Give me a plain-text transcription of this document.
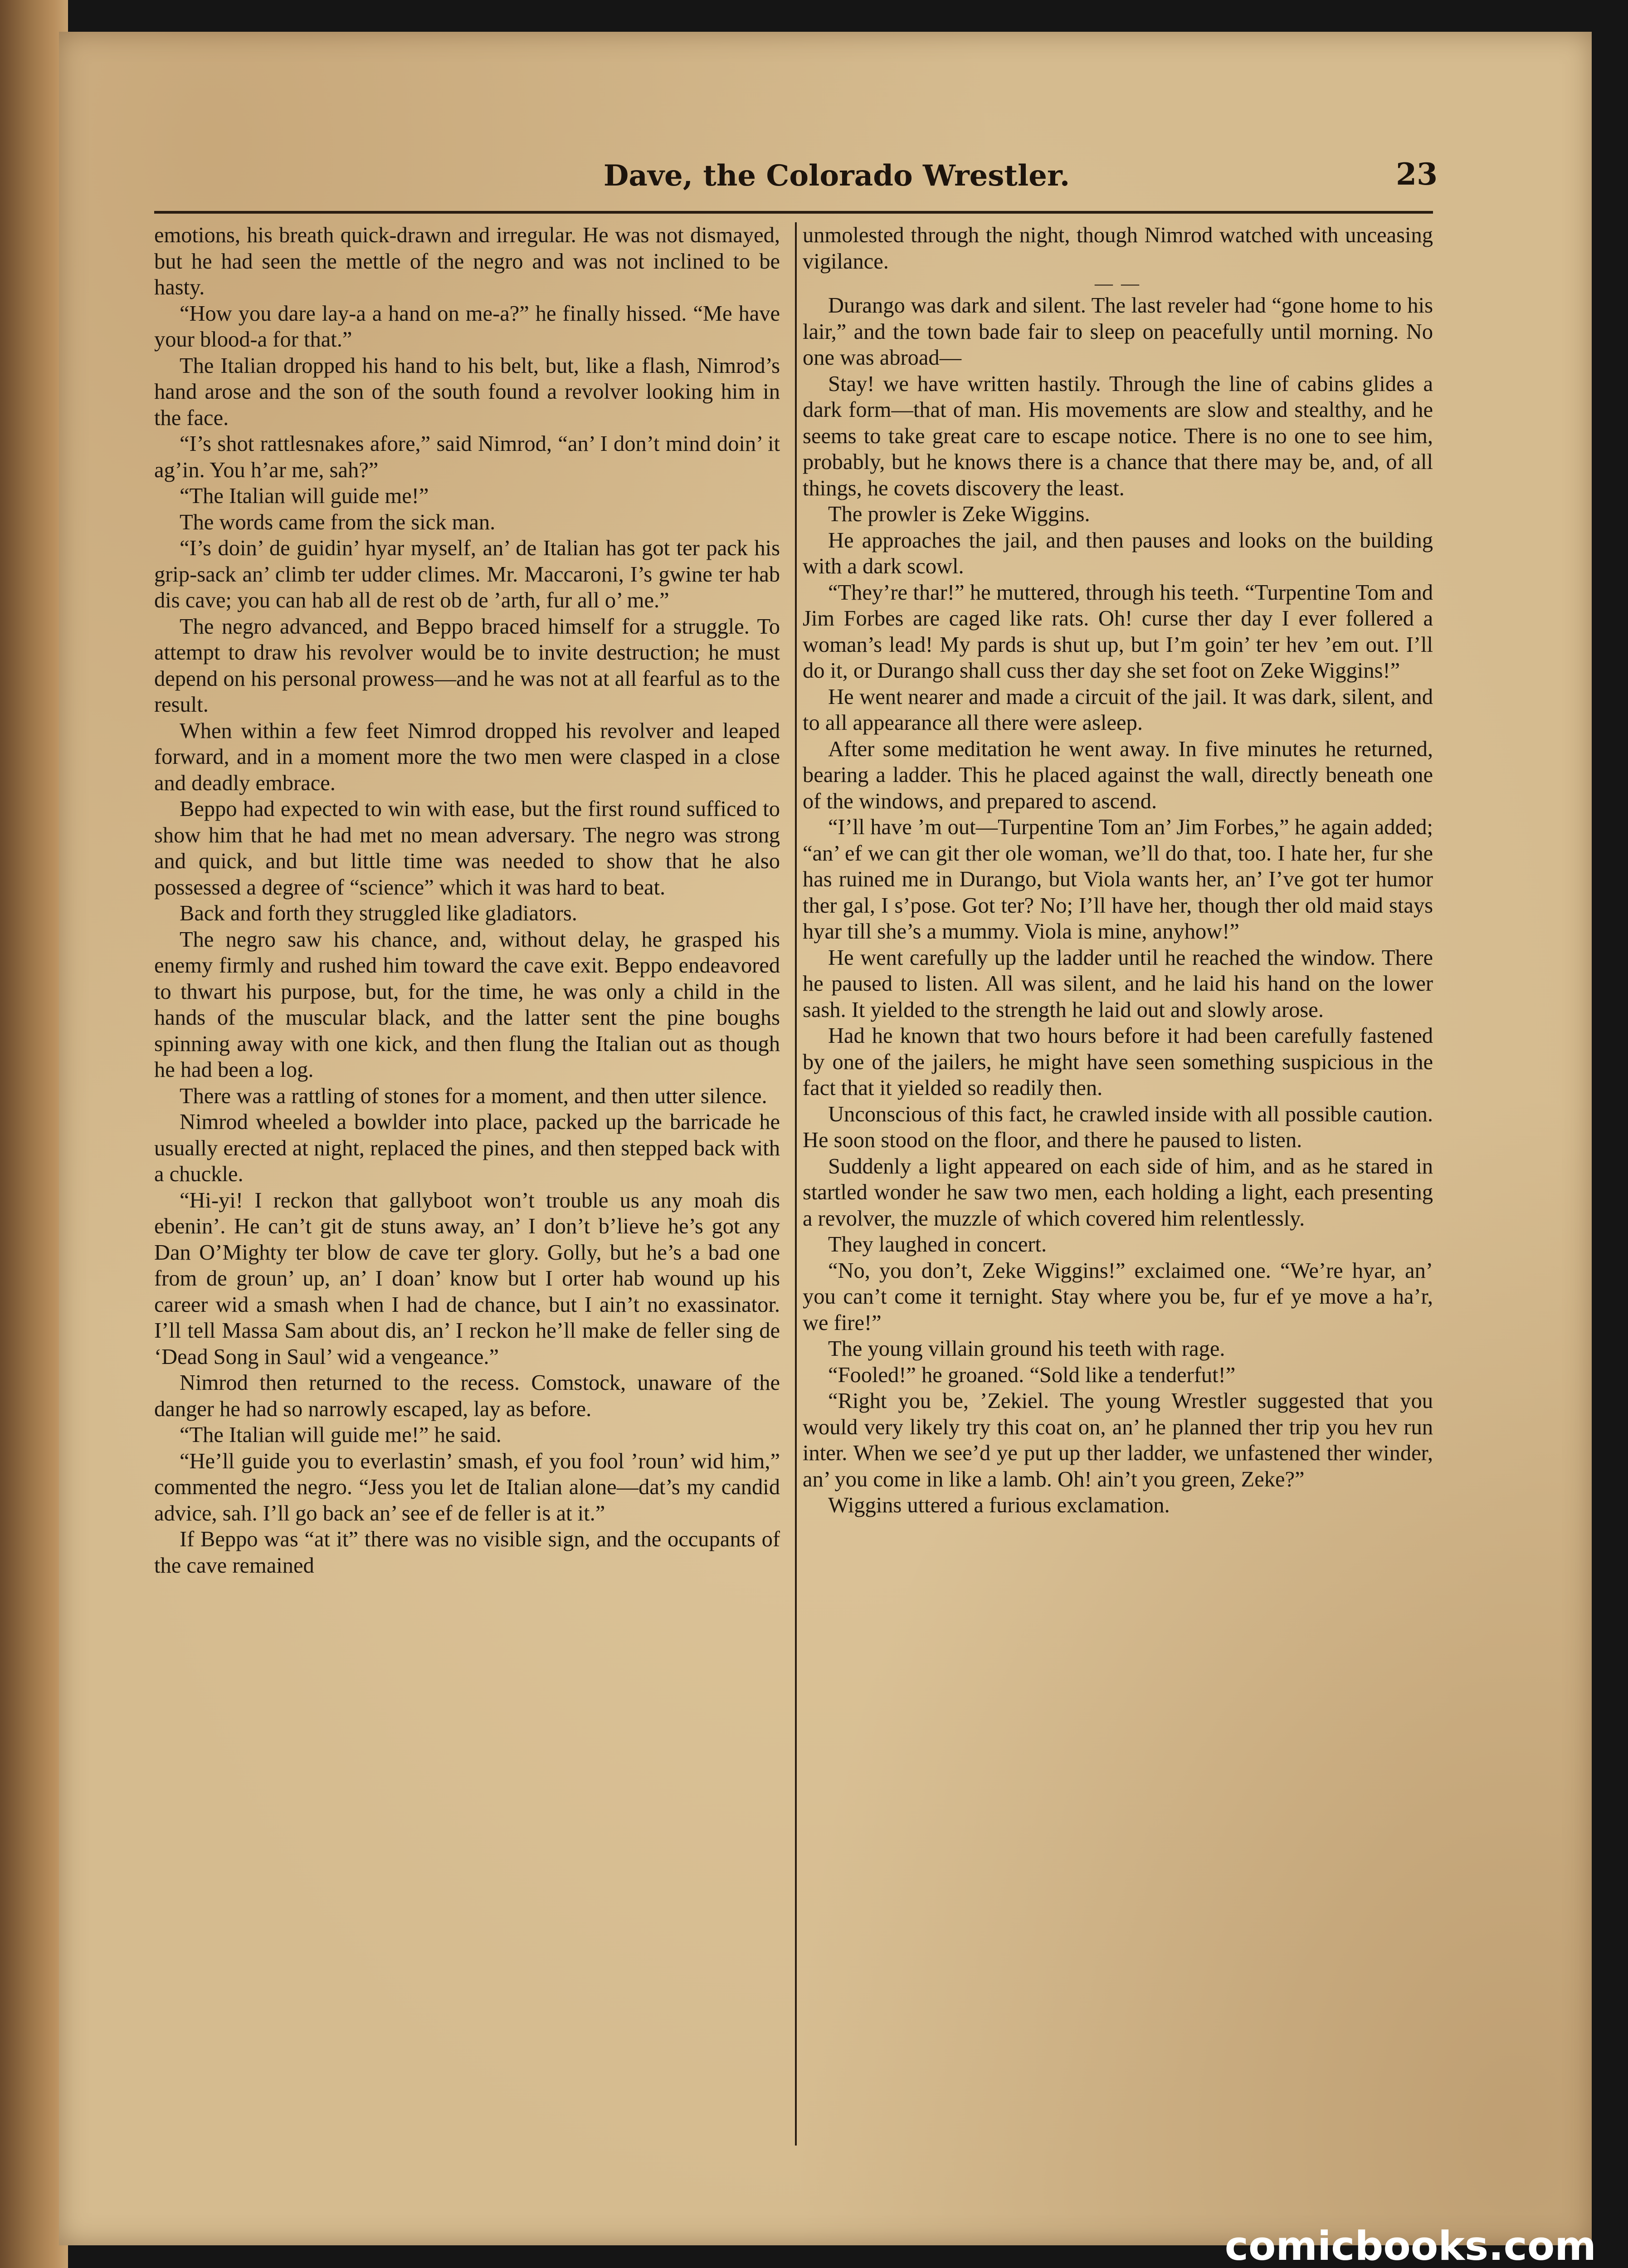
Dave, the Colorado Wrestler.	23

emotions, his breath quick-drawn and irregular. He was not dismayed, but he had seen the mettle of the negro and was not inclined to be hasty.

“How you dare lay-a a hand on me-a?” he finally hissed. “Me have your blood-a for that.”

The Italian dropped his hand to his belt, but, like a flash, Nimrod’s hand arose and the son of the south found a revolver looking him in the face.

“I’s shot rattlesnakes afore,” said Nimrod, “an’ I don’t mind doin’ it ag’in. You h’ar me, sah?”

“The Italian will guide me!”

The words came from the sick man.

“I’s doin’ de guidin’ hyar myself, an’ de Italian has got ter pack his grip-sack an’ climb ter udder climes. Mr. Maccaroni, I’s gwine ter hab dis cave; you can hab all de rest ob de ’arth, fur all o’ me.”

The negro advanced, and Beppo braced himself for a struggle. To attempt to draw his revolver would be to invite destruction; he must depend on his personal prowess—and he was not at all fearful as to the result.

When within a few feet Nimrod dropped his revolver and leaped forward, and in a moment more the two men were clasped in a close and deadly embrace.

Beppo had expected to win with ease, but the first round sufficed to show him that he had met no mean adversary. The negro was strong and quick, and but little time was needed to show that he also possessed a degree of “science” which it was hard to beat.

Back and forth they struggled like gladiators.

The negro saw his chance, and, without delay, he grasped his enemy firmly and rushed him toward the cave exit. Beppo endeavored to thwart his purpose, but, for the time, he was only a child in the hands of the muscular black, and the latter sent the pine boughs spinning away with one kick, and then flung the Italian out as though he had been a log.

There was a rattling of stones for a moment, and then utter silence.

Nimrod wheeled a bowlder into place, packed up the barricade he usually erected at night, replaced the pines, and then stepped back with a chuckle.

“Hi-yi! I reckon that gallyboot won’t trouble us any moah dis ebenin’. He can’t git de stuns away, an’ I don’t b’lieve he’s got any Dan O’Mighty ter blow de cave ter glory. Golly, but he’s a bad one from de groun’ up, an’ I doan’ know but I orter hab wound up his career wid a smash when I had de chance, but I ain’t no exassinator. I’ll tell Massa Sam about dis, an’ I reckon he’ll make de feller sing de ‘Dead Song in Saul’ wid a vengeance.”

Nimrod then returned to the recess. Comstock, unaware of the danger he had so narrowly escaped, lay as before.

“The Italian will guide me!” he said.

“He’ll guide you to everlastin’ smash, ef you fool ’roun’ wid him,” commented the negro. “Jess you let de Italian alone—dat’s my candid advice, sah. I’ll go back an’ see ef de feller is at it.”

If Beppo was “at it” there was no visible sign, and the occupants of the cave remained

unmolested through the night, though Nimrod watched with unceasing vigilance.

— —

Durango was dark and silent. The last reveler had “gone home to his lair,” and the town bade fair to sleep on peacefully until morning. No one was abroad—

Stay! we have written hastily. Through the line of cabins glides a dark form—that of man. His movements are slow and stealthy, and he seems to take great care to escape notice. There is no one to see him, probably, but he knows there is a chance that there may be, and, of all things, he covets discovery the least.

The prowler is Zeke Wiggins.

He approaches the jail, and then pauses and looks on the building with a dark scowl.

“They’re thar!” he muttered, through his teeth. “Turpentine Tom and Jim Forbes are caged like rats. Oh! curse ther day I ever follered a woman’s lead! My pards is shut up, but I’m goin’ ter hev ’em out. I’ll do it, or Durango shall cuss ther day she set foot on Zeke Wiggins!”

He went nearer and made a circuit of the jail. It was dark, silent, and to all appearance all there were asleep.

After some meditation he went away. In five minutes he returned, bearing a ladder. This he placed against the wall, directly beneath one of the windows, and prepared to ascend.

“I’ll have ’m out—Turpentine Tom an’ Jim Forbes,” he again added; “an’ ef we can git ther ole woman, we’ll do that, too. I hate her, fur she has ruined me in Durango, but Viola wants her, an’ I’ve got ter humor ther gal, I s’pose. Got ter? No; I’ll have her, though ther old maid stays hyar till she’s a mummy. Viola is mine, anyhow!”

He went carefully up the ladder until he reached the window. There he paused to listen. All was silent, and he laid his hand on the lower sash. It yielded to the strength he laid out and slowly arose.

Had he known that two hours before it had been carefully fastened by one of the jailers, he might have seen something suspicious in the fact that it yielded so readily then.

Unconscious of this fact, he crawled inside with all possible caution. He soon stood on the floor, and there he paused to listen.

Suddenly a light appeared on each side of him, and as he stared in startled wonder he saw two men, each holding a light, each presenting a revolver, the muzzle of which covered him relentlessly.

They laughed in concert.

“No, you don’t, Zeke Wiggins!” exclaimed one. “We’re hyar, an’ you can’t come it ternight. Stay where you be, fur ef ye move a ha’r, we fire!”

The young villain ground his teeth with rage.

“Fooled!” he groaned. “Sold like a tenderfut!”

“Right you be, ’Zekiel. The young Wrestler suggested that you would very likely try this coat on, an’ he planned ther trip you hev run inter. When we see’d ye put up ther ladder, we unfastened ther winder, an’ you come in like a lamb. Oh! ain’t you green, Zeke?”

Wiggins uttered a furious exclamation.

comicbooks.com
